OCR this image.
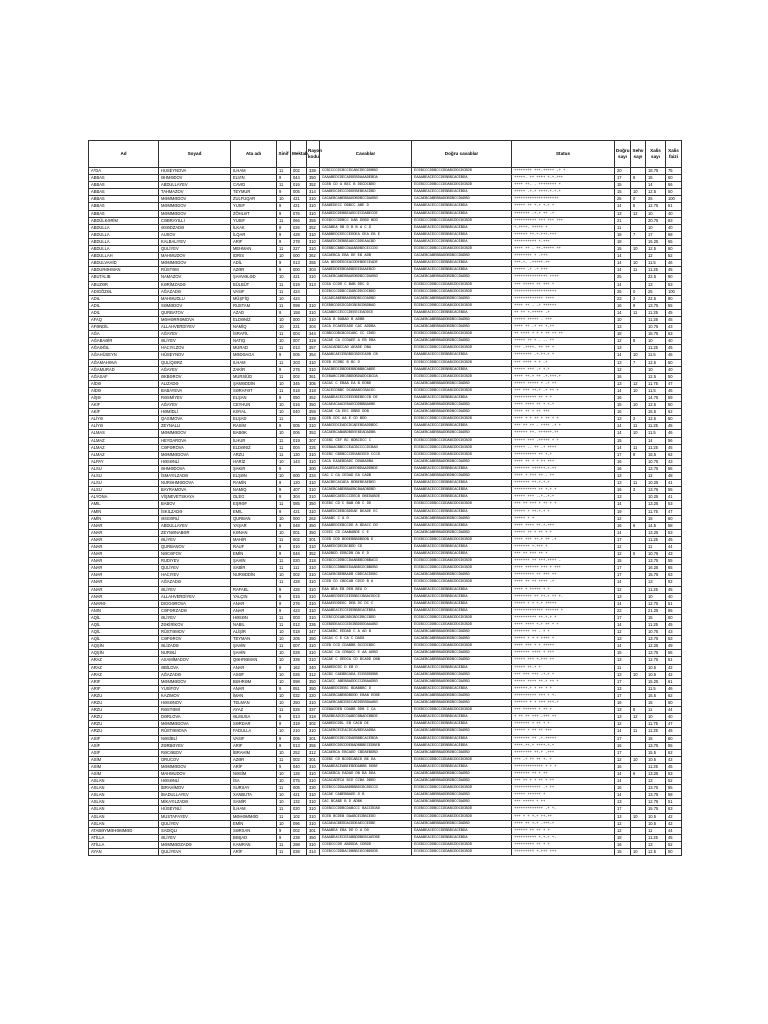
Ad	Soyad	Ata adı	Sinif	Mektab	Rayon kodu	Cavablar	Doğru cavablar	Status	Doğru sayı	Sehv sayı	Xalis sayı	Xalis faizi
A*DA	HUSEYNOVA	ILHAM	11	002	338	CCBCCCCDCBCCDCABCDECDDBBD	ECEBCCCDDBCCCDDABCDDCDCBDD	++++++++ +++-+++++ -+ +	20		18.75	75
ABBAS	ƏHMƏDOV	ELVIN	9	044	350	CAAABEDCDECADDEBDAAADEBDA	EAAABEACECCCDEBBBCACEBDA	+++++- ++ ++++ +-+-+++	17	8	15	60
ABBAS	ABDULLAYEV	CAVID	11	016	352	CCEB CD A BEC B DDCDCBDD	ECEBCCCDDBCCCDDABCDDCDCBDD	++++ ++- - ++++++++ +	15		14	56
ABBAS	TAHMAZOV	TEYMUR	9	005	314	CAABEDCDECCDDDEBEBEACDBD	EAAABEACECCCDEBBBCACEBDA	+++++ -+-+ ++++-+-+-+	15	10	12.5	50
ABBAS	MƏMMƏDOV	ZULFUQAR	10	421	310	CACAEBCABEBBADDBDBCCDADBD	CACAEBCABEBBADDBDBCCDADBD	++++++++++++++++++++	25	0	25	100
ABBAS	MƏMMƏDOV	YUSIF	9	421	310	EAABEDECC DBBCC ABE D	EAAABEACECCCDEBBBCACEBDA	+++++ ++ +-+ +-+ +	14	5	12.75	51
ABBAS	MƏMMƏDOV	ZÖHLƏT	9	076	310	EAABEDCDEBBEADECECDABECDE	EAAABEACECCCDEBBBCACEBDA	+++++++ -+-+ ++ -+	13	12	10	40
ABDÜLKƏRİM	CƏBRAYILLI	YUSIF	11	066	355	ECEBCCCDDBCC DAB DDBD BDD	ECEBCCCDDBCCCDDABCDDCDCBDD	++++++++++ +++ +++ +++	21		20.75	83
ABDULLA	ƏSƏDZADƏ	İLKAK	9	026	352	CACABEA DB D B B A C D	EAAABEACECCCDEBBBCACEBDA	+-++++- +++++ +	11		10	40
ABDULLA	AUSOV	İLQAR	9	428	310	EAABBEDCEECCEDDEA DEA EB E	EAAABEACECCCDEBBBCACEBDA	++++++ ++-+-+++-+++	18	7	17	68
ABDULLA	KALBALIYEV	ARIF	9	278	310	CABAEDCDEBBEADCCDDEAACBD	EAAABEACECCCDEBBBCACEBDA	++++++++++ +-+++	18		16.25	65
ABDULLA	QULİYEV	MEHMAN	11	227	310	ECEBBCCBBDCDAAABDBDCECCDD	ECEBCCCDDBCCCDDABCDDCDCBDD	++++ ++ - ++-+++++ ++	15	10	12.5	50
ABDULLAH	MAHMUDOV	IDRIS	10	000	362	CACAEBCA EBA DE EB ADB	CACAEBCABEBBADDBDBCCDADBD	++++++++ + -+++	14		12	52
ABDULVAHİD	MƏMMƏDOV	ADİL	9	013	355	CAA BEDDEDCEACDDEBDECEADE	EAAABEACECCCDEBBBCACEBDA	+++-+- -+++++-++	14	10	11.5	46
ABDURƏHMAN	RÜSTƏM	AZƏR	9	000	303	CAABEDDEEBDADBEEEDAAEBCD	EAAABEACECCCDEBBBCACEBDA	+++++ -+ -+ +++	14	11	11.25	45
ABUTALIB	NAMAZOV	ŞAHVƏLƏD	10	421	310	CACAEBCABEBBADDBDBCCDADBD	CACAEBCABEBBADDBDBCCDADBD	+++++++++++++++ ++++	25		22.5	90
ABUZƏR	KƏRİMZADƏ	BÜLBÜT	11	019	313	CCEA CCDD C BAB DDC D	ECEBCCCDDBCCCDDABCDDCDCBDD	+++ +++++ ++ +++ +	14		13	53
ADIGÖZƏL	AĞAZADƏ	VASIF	11	424		ECEBCCCDDBCCDABCDDCDCBDD	ECEBCCCDDBCCCDDABCDDCDCBDD	+++++++++++++++++++	25	0	25	100
ADIL	MAHMUDLU	MÜŞFİQ	10	424		CACADCABEBBADDBDBCCDADBD	CACAEBCABEBBADDBDBCCDADBD	+++++++++++++ ++++	23	2	22.5	90
ADIL	SƏMƏDOV	RUSTAM	11	098	310	ECEBBCDDCDCDDCBEBCDBDBAD	ECEBCCCDDBCCCDDABCDDCDCBDD	++++ ++ - -+ ++++++	16	9	13.75	55
ADIL	QURBATOV	AZAD	9	158	310	CACABDCCECCCDEEECEADDCE	EAAABEACECCCDEBBBCACEBDA	++ ++ +-+++++ -+	14	11	11.25	45
AFAQ	MƏHƏRRƏMOVA	ELDƏNİZ	10	000	310	CACA B DABAD B ADBB	CACAEBCABEBBADDBDBCCDADBD	+++++ +++++ - +++	10		11.25	45
AFƏNDİL	ALLAHVERDİYEV	NAMİQ	10	221	304	CACA ECAEEEADD CAC ADDBA	CACAEBCABEBBADDBDBCCDADBD	++++ ++ -+ ++ +-++	13		10.75	43
AĞA	AĞAYEV	İSRAFİL	11	004	344	CCBBCCDBCBCDCABC CC CDDD	ECEBCCCDDBCCCDDABCDDCDCBDD	++ ++++ + + + ++ ++ ++	18		15.75	63
AĞABAƏİR	ƏLİYEV	NATIQ	10	007	319	CACAE CA CCDAEE A EB DBA	CACAEBCABEBBADDBDBCCDADBD	+++++ ++ + - -- ++	12	8	10	40
AĞAƏĞIL	HACIYLZOV	MURAD	11	013	357	CACACADBCCAD AEADE DBA	ECEBCCCDDBCCCDDABCDDCDCBDD	+++ -++++- ++ ++ +	13		11.25	45
AĞAHÜSEYN	HÜSEYNOV	MƏDƏAGA	9	005	354	EAAABCAECEBDBDCBDCEADB CB	EAAABEACECCCDEBBBCACEBDA	++++++++ -+-++-+ +	14	10	11.5	46
AĞAMAHƏVA	QULİQƏRZ	ILHAM	11	203	310	ECEB ECDBC B BC D	ECEBCCCDDBCCCDDABCDDCDCBDD	+++ ++++ + + -+	13	7	12.5	50
AĞAMURAD	AĞAYEV	ZAKİR	9	275	310	EAACBEDCDBDDEBBDBBBCABDE	EAAABEACECCCDEBBBCACEBDA	+++++ +++ -+ +-+	12		10	40
AĞASAF	ƏKBƏROV	MURSİÜD	11	002	361	ECEBABCCDBCBBDDBDADDCBCDA	ECEBCCCDDBCCCDDABCDDCDCBDD	++++ ++-+ ++ -+-+++-+	16		12.5	50
AİDƏ	ALIZADƏ	ŞAMƏDDİN	10	345	305	CACAC C EBAA EA B EDBD	CACAEBCABEBBADDBDBCCDADBD	+++++ +++++ + -+ ++	13	12	11.75	47
AİDƏ	BABAYEVA	SƏRAFƏT	11	018	318	CCACECDBBC DCABABCCBACDC	ECEBCCCDDBCCCDDABCDDCDCBDD	+++ +++ ++-+ -+ ++ +	14	10	11.5	46
AİŞƏ	RƏSMİYEV	ELŞAN	9	050	352	EAAABEACECCEEEDBEBECCB DE	EAAABEACECCCDEBBBCACEBDA	++++++++++ ++ + +	16		14.75	59
AKİF	AĞAYEV	CEYHUN	10	016	350	CACAEACAACEBADCDDBBBADBE	CACAEBCABEBBADDBDBCCDADBD	++++ ++++ ++ + +-+	15	10	12.5	50
AKİF	HƏMİDLİ	KƏYAL	10	040	359	CACAE CA EEC DBBD DDB	CACAEBCABEBBADDBDBCCDADBD	++++ ++ + ++ +++	16		15.5	62
ALİYƏ	QASIMOVA	ELŞAD	11		339	CCEB CDC AA E CD BDD	ECEBCCCDDBCCCDDABCDDCDCBDD	++++ + + ++ + ++ + +	13	2	12.5	50
ALİYƏ	ZEYNALLI	RASİM	9	005	310	EAABCEDCEADCDCAEEBDADDBDC	EAAABEACECCCDEBBBCACEBDA	+++ ++ ++ - ++++ -+ +	14	11	11.25	45
ALMAS	MƏMMƏDOV	BABƏK	10	006	353	CACAEBCABABDBDEEBEADADBB	CACAEBCABEBBADDBDBCCDADBD	++++++ ++- ++++++-++	14	10	11.5	46
ALMAZ	HEYDAROVA	İLHUR	11	019	307	CCEBC CEF BC BDBCDCC C	ECEBCCCDDBCCCDDABCDDCDCBDD	+++++ +++ -+++++ + +	15		14	56
ALMAZ	CƏFƏROVA	ELDƏNIZ	11	004	325	ECEBAACBBCCCEACBCCCCDCBAD	ECEBCCCDDBCCCDDABCDDCDCBDD	+++++ -- ++ -+ ++++	14	11	11.25	45
ALMAZ	MƏMMƏDOVA	ARZU	11	130	310	ECEBC CBDBCCCDEABCEED CCCD	ECEBCCCDDBCCCDDABCDDCDCBDD	++++++++++ ++ +-+	17	8	15.5	62
ALPAY	HƏSƏNLİ	HARİZ	10	143	310	CACA EAAEBDADC DDABADBA	CACAEBCABEBBADDBDBCCDADBD	++++ ++ + + ++ +++	16		10.75	43
ALSU	ƏHMƏDOVA	ŞAKIR	9		300	CAABEDACEDCCAEEDBDAADDBDE	EAAABEACECCCDEBBBCACEBDA	+++++++ ++++++-+-++	16		13.75	55
ALSU	İSMAYILZADƏ	ELŞƏN	10	000	334	CAC C CA CEDAD EA CADB	CACAEBCABEBBADDBDBCCDADBD	++++ + +++ ++ - ++	13		12	48
ALSU	NURƏHMƏDOVA	RAMİN	9	120	310	EAACBECACAEA BDBEBEAEBED	EAAABEACECCCDEBBBCACEBDA	+++++++ ++-+-+-+	13	11	10.25	41
ALSU	BAYRAMOVA	NAMIQ	9	407	310	CACAEBCABEBBADBCBAADBDBD	EAAABEACECCCDEBBBCACEBDA	++++++++++ ++ +-+ +	16	3	13.75	55
ALYONA	VİŞNEVETSKAYA	OLEG	9	304	310	CAAABDCAEDCCCDECB DBEDABDE	EAAABEACECCCDEBBBCACEBDA	+++++ +++ --+--+-+	13		10.25	41
AMIL	BABOV	EŞRƏF	11	085	350	ECEBC CD C BAB DB C DD	ECEBCCCDDBCCCDDABCDDCDCBDD	+++ ++ +++ + ++ + +	14		13.25	53
AMIN	İSKILZADƏ	EMIL	9	421	310	EAABEDCDEBCBDDAE BEADE EC	EAAABEACECCCDEBBBCACEBDA	+++++ + ++-+-+ +	19		11.75	47
AMİN	ƏSGƏRLİ	QURBAN	10	000	262	CAAABC C A D	CACAEBCABEBBADDBDBCCDADBD	+++++ + +	12		15	60
ANAR	ABDULLAYEV	YAŞAR	9	048	350	EAAABEDCEBCCDD A BDACC DD	EAAABEACECCCDEBBBCACEBDA	++++ ++++ ++-+-+++	16	6	14.5	58
ANAR	ZEYNƏNABƏR	KƏNAN	10	001	350	CCEEC CD CAABABDE C E	CACAEBCABEBBADDBDBCCDADBD	+++++ ++ + ++ + +	14		13.25	53
ANAR	ƏLİYEV	MAHİR	11	002	301	CCEB CDD BDDEBBBDBDDB D	ECEBCCCDDBCCCDDABCDDCDCBDD	++++ +++ ++-+ ++ -+	17		11.25	45
ANAR	QURBANOV	RAUF	9	010	310	EAABEDCDECBCBDD CD	EAAABEACECCCDEBBBCACEBDA	+++++++ +-+++ +	12		11	44
ANAR	NƏCƏFOV	EMİN	9	046	352	EAADBED EDBCDB DA E D	EAAABEACECCCDEBBBCACEBDA	+++ ++ +++ ++ +	12	5	10.75	43
ANAR	RUDIYEV	ŞAHİN	11	020	318	ECEBCCCDDBCCDAABBBCDBBACD	ECEBCCCDDBCCCDDABCDDCDCBDD	+++++++ ++ +++-++++ -	15		13.75	55
ANAR	QULİYEV	SABİR	11	111	310	CCEBCCCDBBEEDAABBCDCBBDBD	ECEBCCCDDBCCCDDABCDDCDCBDD	++++ ++++++ +++ + +++	17		16.25	65
ANAR	HACIYEV	NURƏDDİN	10	002	310	CACAEBCBEBBADB CBDCACDDBC	CACAEBCABEBBADDBDBCCDADBD	+++++++++ ++ +++ ++	17		15.75	63
ANAR	AĞAZADƏ		11	428	310	CCEB CD CBDCAB CDCD B A	ECEBCCCDDBCCCDDABCDDCDCBDD	++++ ++ ++ ++++ -+	14		13	52
ANAR	ƏLİYEV	RAFAEL	9	426	310	EAA BEA EB DEB BEA D	EAAABEACECCCDEBBBCACEBDA	++++ + +++++ + +	12		11.25	45
ANAR	ALLAHVERDİYEV	YALÇIN	9	015	310	EAAABEDDEECEEDBBCCBBACDDCE	EAAABEACECCCDEBBBCACEBDA	++++++++ ++ ++-+ ++ +-	13		10	40
ANARƏ	DIGGƏROVA	ANAR	9	276	310	EAAAEEDDEDC DEB DC DC C	EAAABEACECCCDEBBBCACEBDA	+++++ + + +-+ +++++	14		12.75	51
ANIN	CƏFƏRZADƏ	ANAR	9	423	310	EAAABEACECCEDEBBBCACEBDA	EAAABEACECCCDEBBBCACEBDA	+++++++++++++ ++++++ +	22		21.25	85
AQİL	ƏLİYEV	HƏSƏN	11	003	310	CCEBCCDCABCBDCBDCDBCCBDD	ECEBCCCDDBCCCDDABCDDCDCBDD	++++++++++ ++-+-+ +	17		15	60
AQİL	ZƏKİRİKOV	NABIL	11	012	336	CCEBDDEACCCEDCBBDDDDAAABD	ECEBCCCDDBCCCDDABCDDCDCBDD	++++ ++++ +-+ ++ + +	14		11.25	45
AQİL	RÜSTƏMOV	ALİŞİR	10	018	347	CACAEBC EEDAD C A AD B	CACAEBCABEBBADDBDBCCDADBD	+++++++ ++ - + +	12		10.75	43
AQİL	CƏFƏROV	TEYMAN	10	205	350	CACAC C E CA C DAD8	CACAEBCABEBBADDBDBCCDADBD	+++++ + + + ++++ +	13		13.75	53
AQŞİN	ƏLİZADƏ	ŞAHİN	11	007	310	CCEB CCD CDABBB DCCDCBDC	ECEBCCCDDBCCCDDABCDDCDCBDD	++++ +++ + + +++++	14		12.25	49
AQŞİN	NURƏLİ	ŞAHİN	10	028	310	CACAC CA CDBACC E AA ADBD	CACAEBCABEBBADDBDBCCDADBD	+++++++ ++++ + +++	15		13.75	55
ARAZ	ASAMİMADOV	QƏHRƏMAN	10	339	310	CACAE C DEDCA CD BCADD DBB	CACAEBCABEBBADDBDBCCDADBD	+++++ +++ +-+++ ++	13		12.75	51
ARAZ	ƏBİLOVA	ANAR	9	162	340	EAABEDCDC D EB D	EAAABEACECCCDEBBBCACEBDA	+++++ ++-+ +	11		10.5	42
ARAZ	AĞAZADƏ	ASƏF	10	026	312	CACBC CAEBBCADA ECEBDDDBB	CACAEBCABEBBADDBDBCCDADBD	+++ +++ +++ -+-+ +	13	10	10.5	42
ARIF	MƏMMƏDOV	BƏHRƏM	10	098	350	CACACC ABEBBADDCCCDBAADBD	CACAEBCABEBBADDBDBCCDADBD	+++++ ++++ ++-+ ++ +	17		15.25	61
ARIF	YUSİFOV	ANAR	9	051	350	EAAABEDCDEBC BDABBBC D	EAAABEACECCCDEBBBCACEBDA	++++++-+ + ++ + +	13		11.5	46
ARZU	KAZIMOV	İMAN	10	032	320	CACAEBCABEBDBDDD EBAB EDBE	CACAEBCABEBBADDBDBCCDADBD	++++++++++ +++ + +-	17		15.5	62
ARZU	HƏSƏNOV	TELMAN	10	250	310	CACAEBCABCEBCCAEDDEBDAABD	CACAEBCABEBBADDBDBCCDADBD	++++++ + + +++ +++-+	16		15	60
ARZU	RƏSTƏMİ	AYAZ	11	025	337	CCEBACDEB CDABB DDB C CA	ECEBCCCDDBCCCDDABCDDCDCBDD	+++ ++++++ + ++ +	13	8	11	44
ARZU	DƏRLOVA	ƏLMUSA	9	013	318	EBADBEADCECDABECBBADCBBDE	EAAABEACECCCDEBBBCACEBDA	+ ++ ++ +++ -+++ ++	13	12	10	40
ARZU	MƏMMƏDOVA	SƏRDAR	9	319	302	CAABEDCDDL EB CACB DE	EAAABEACECCCDEBBBCACEBDA	+++++++ + ++ + +	12		11.75	47
ARZU	RÜSTƏMOVA	FADULLA	10	210	310	CACAEBCECEACDCAVBEEAADBA	CACAEBCABEBBADDBDBCCDADBD	+++++ + ++ ++ +++	14	11	11.25	45
ASIF	NƏSİBLİ	VASIF	9	005	301	EAAABEDCDECDDAEBBBCACEBDA	EAAABEACECCCDEBBBCACEBDA	+++++++ ++ -+-+++++	17		15	60
ASİF	ZƏRBƏYEV	ARIF	9	013	355	CAABEDCDDCDDEBADBBBECEDBEB	EAAABEACECCCDEBBBCACEBDA	++++-++-+ ++++-+-+	16		13.75	55
ASİF	RƏCƏBOV	İBRAHİM	10	252	312	CACAEBCA EBCADD CBDAEBDBD	CACAEBCABEBBADDBDBCCDADBD	++++++++ ++-+ -+++	17		15.5	62
ASİM	ORUCOV	AZƏR	11	002	301	CCEBC CD BCDDCABCD BE DA	ECEBCCCDDBCCCDDABCDDCDCBDD	+++ -+ ++ ++ +- +	12	10	10.5	42
ASİM	MƏMMƏDOV	ARİF	9	040	310	EAAABEACEABEEBDDABBB DDBE	EAAABEACECCCDEBBBCACEBDA	+++++++++++++ + + +	16		11.25	45
ASİM	MAHMUDOV	NƏSİM	10	126	310	CACAEBCA EADAD DB BA DDA	CACAEBCABEBBADDBDBCCDADBD	+++++++ ++ + ++	14	6	13.25	53
ASLAN	HƏSƏNLİ	İSA	10	075	310	CACACADECA BCD CCBA DBDD	CACAEBCABEBBADDBDBCCDADBD	+++ ++ + + ++ + ++	14		13	52
ASLAN	İBRAHİMOV	SURXAY	11	005	330	ECEBCCCDDAABDBBBDCBCDDCCD	ECEBCCCDDBCCCDDABCDDCDCBDD	++++++++++++ -+ ++	16		13.75	55
ASLAN	İBADULLAYEV	XANBUTA	10	421	310	CACAE CABEBBADE D B	CACAEBCABEBBADDBDBCCDADBD	+++++ ++++++ +	14		13.75	58
ASLAN	MİKAYILZADƏ	SAMİR	10	132	310	CAC BCABE B D ADBK	CACAEBCABEBBADDBDBCCDADBD	+++ +++++ + ++	13		12.75	51
ASLAN	HÜSEYNLİ	İLHAM	11	020	310	CCEBCCCDDBCDABCCC BACCDDAD	ECEBCCCDDBCCCDDABCDDCDCBDD	+++++++++++++ -+ +-	17		15.75	63
ASLAN	MUSTAFAYEV	MƏHƏMMƏD	11	102	310	ECEB BCDEB DAABCECBBCEDD	ECEBCCCDDBCCCDDABCDDCDCBDD	+++ + + +-+ ++-++	13	10	10.5	42
ASLAN	QULİYEV	EMİN	10	096	310	CACAEACBEDDACDDEAECCEDBE	CACAEBCABEBBADDBDBCCDADBD	++++ ++ +-+ -+++-+	12		10.5	42
ATABƏYMƏHƏMMƏD	SADIQLI	SƏRXAN	9	002	301	EAAABEA EBA DD D A DD	EAAABEACECCCDEBBBCACEBDA	++++++ ++ ++ + +	12		11	44
ATİLLA	ƏLİYEV	BƏŞAD	9	238	350	EAAABEACECEEABBDDBEBCAEDBE	EAAABEACECCCDEBBBCACEBDA	++++++++++ +-+-+ +-	18		11.25	45
ATİLLA	MƏMMƏDZADƏ	KAMRAN	11	298	310	CCEBCCCDD ABDDDA CDBDD	ECEBCCCDDBCCCDDABCDDCDCBDD	+++++++++ ++ + +	16		13	52
AYAN	QULİYEVA	ARİF	11	038	314	CCEBCCCDDBACDBBBCDCDBDDDB	ECEBCCCDDBCCCDDABCDDCDCBDD	+++++++++ +-+++ +++	15	10	12.5	50
